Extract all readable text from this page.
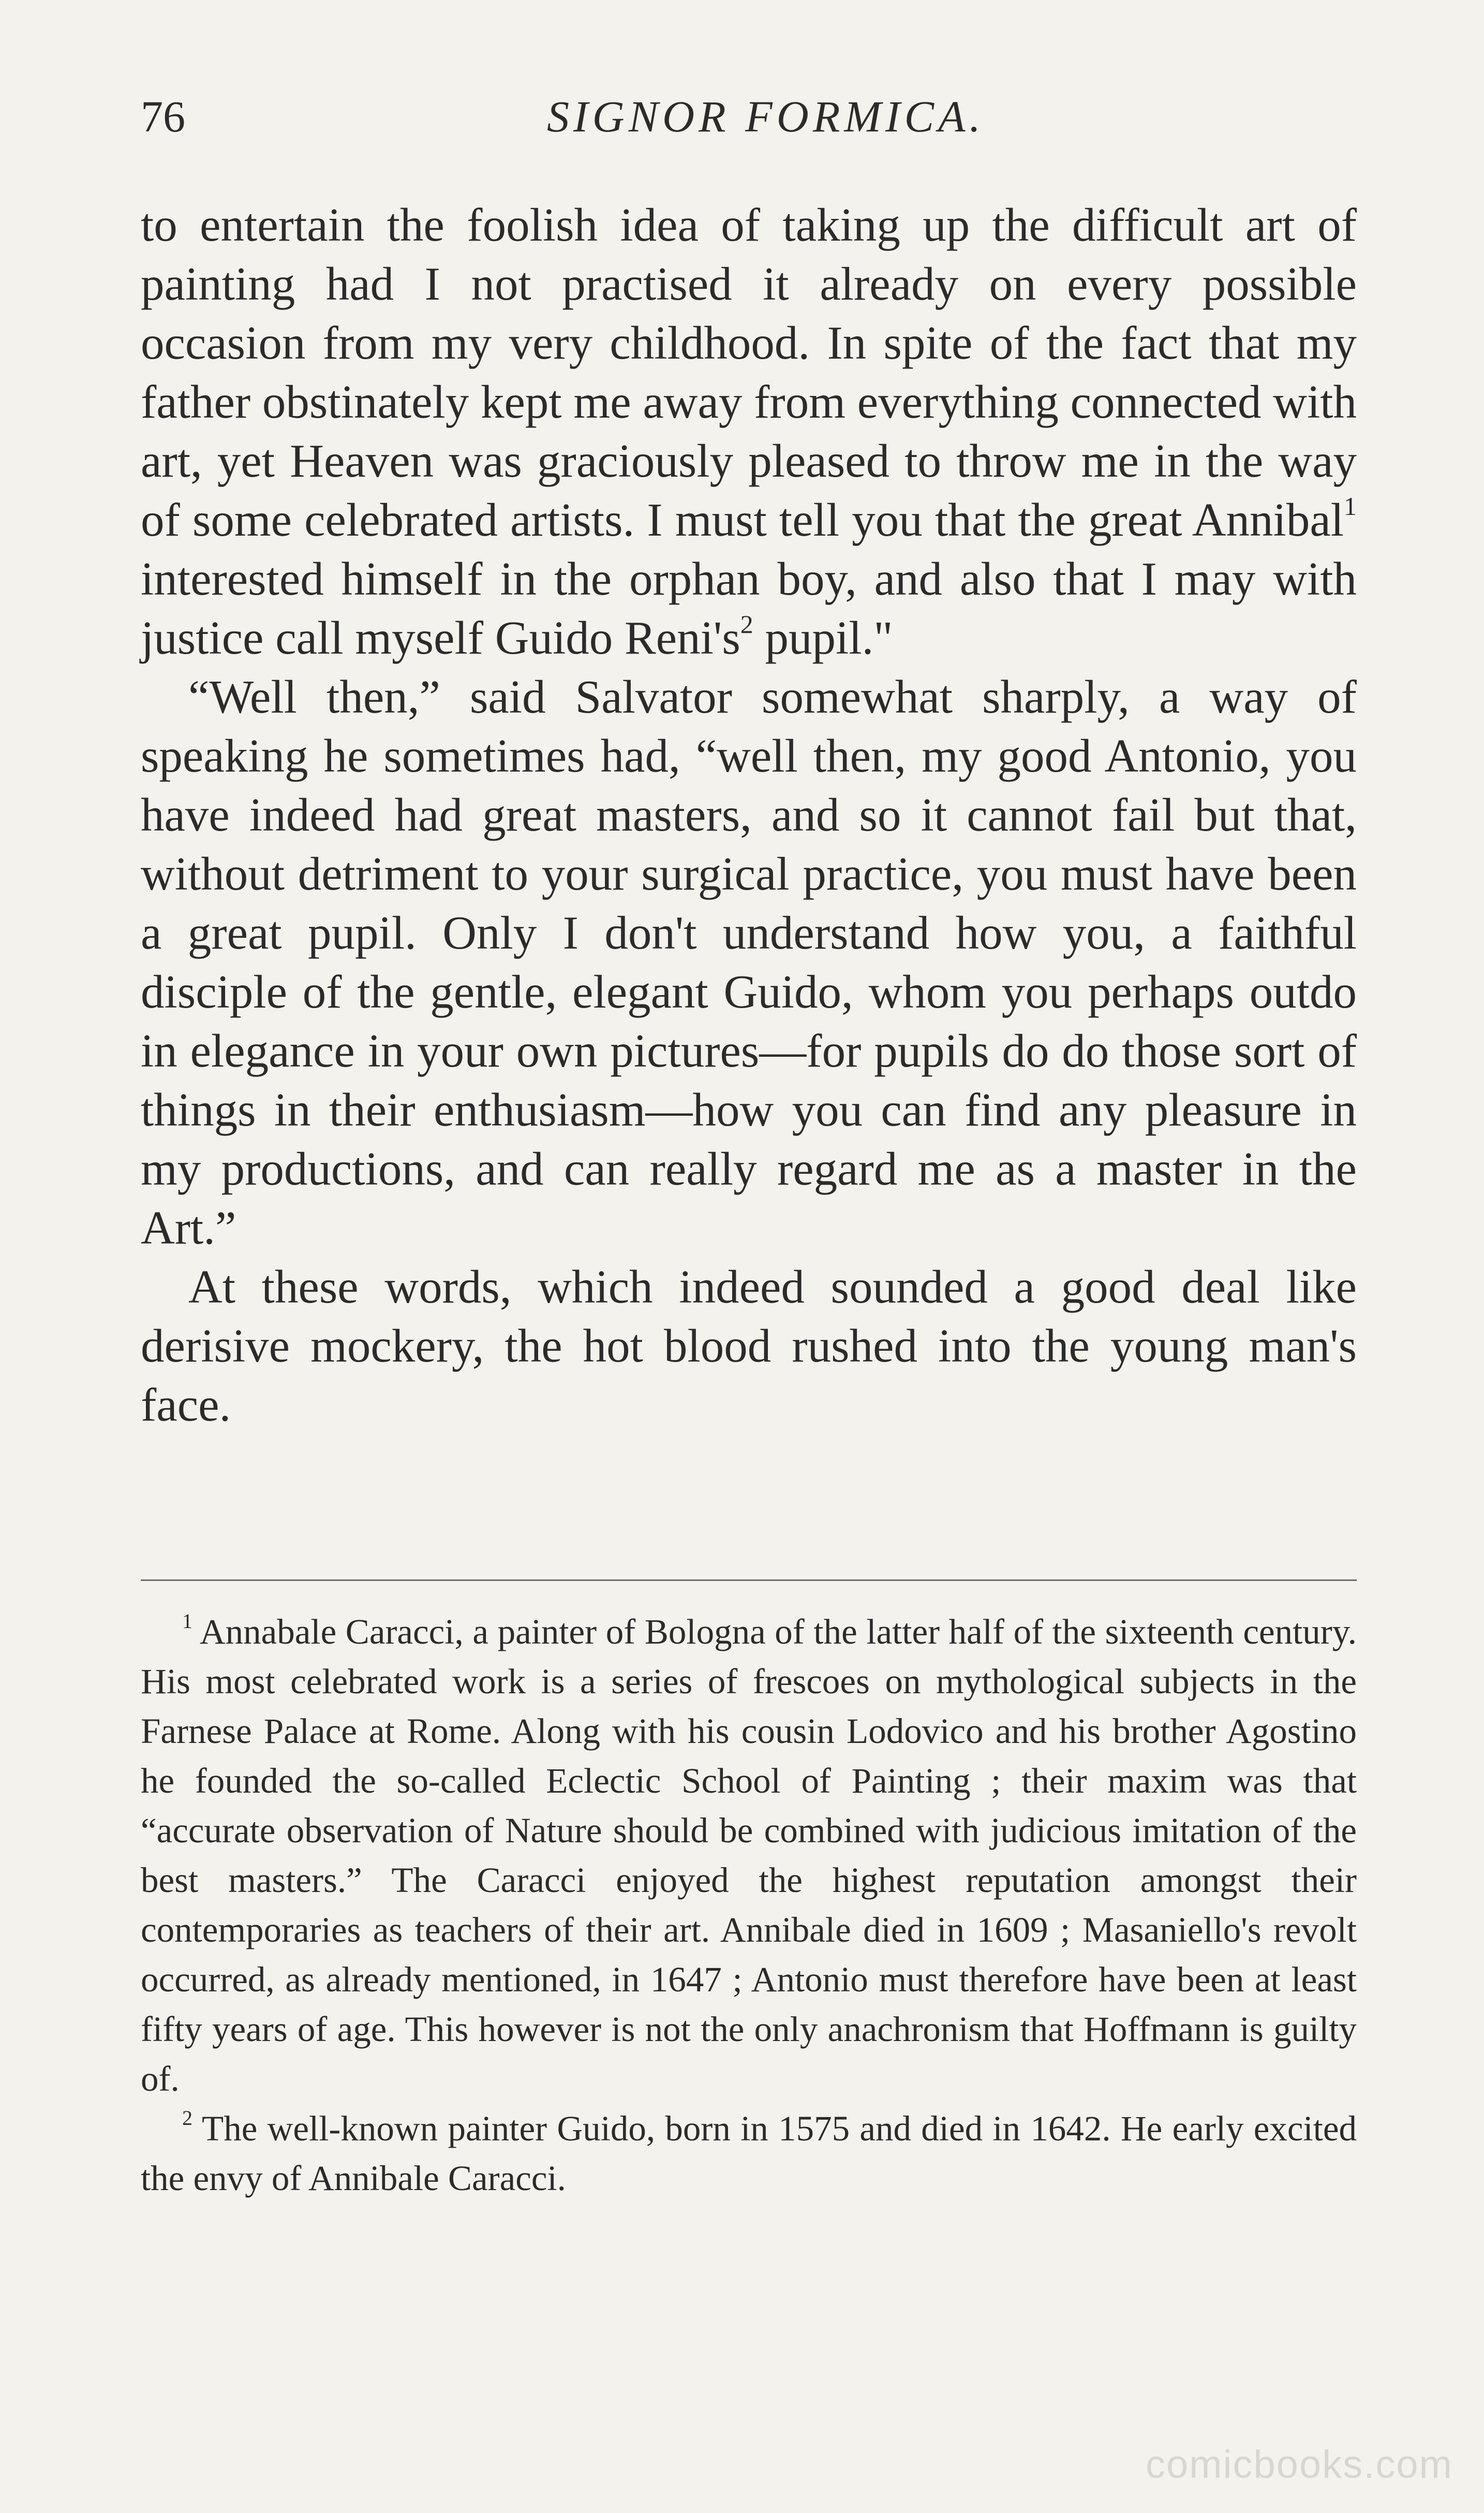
76	SIGNOR FORMICA.

to entertain the foolish idea of taking up the difficult art of painting had I not practised it already on every possible occasion from my very childhood. In spite of the fact that my father obstinately kept me away from everything connected with art, yet Heaven was graciously pleased to throw me in the way of some celebrated artists. I must tell you that the great Annibal$^1$ interested himself in the orphan boy, and also that I may with justice call myself Guido $Reni's^2$ pupil."

“Well then,” said Salvator somewhat sharply, a way of speaking he sometimes had, “well then, my good Antonio, you have indeed had great masters, and so it cannot fail but that, without detriment to your surgical practice, you must have been a great pupil. Only I don't understand how you, a faithful disciple of the gentle, elegant Guido, whom you perhaps outdo in elegance in your own pictures—for pupils do do those sort of things in their enthusiasm—how you can find any pleasure in my productions, and can really regard me as a master in the Art.”

At these words, which indeed sounded a good deal like derisive mockery, the hot blood rushed into the young man's face.

$^1$ Annabale Caracci, a painter of Bologna of the latter half of the sixteenth century. His most celebrated work is a series of frescoes on mythological subjects in the Farnese Palace at Rome. Along with his cousin Lodovico and his brother Agostino he founded the so-called Eclectic School of Painting ; their maxim was that “accurate observation of Nature should be combined with judicious imitation of the best masters.” The Caracci enjoyed the highest reputation amongst their contemporaries as teachers of their art. Annibale died in 1609 ; Masaniello's revolt occurred, as already mentioned, in 1647 ; Antonio must therefore have been at least fifty years of age. This however is not the only anachronism that Hoffmann is guilty of.

$^2$ The well-known painter Guido, born in 1575 and died in 1642. He early excited the envy of Annibale Caracci.

comicbooks.com
